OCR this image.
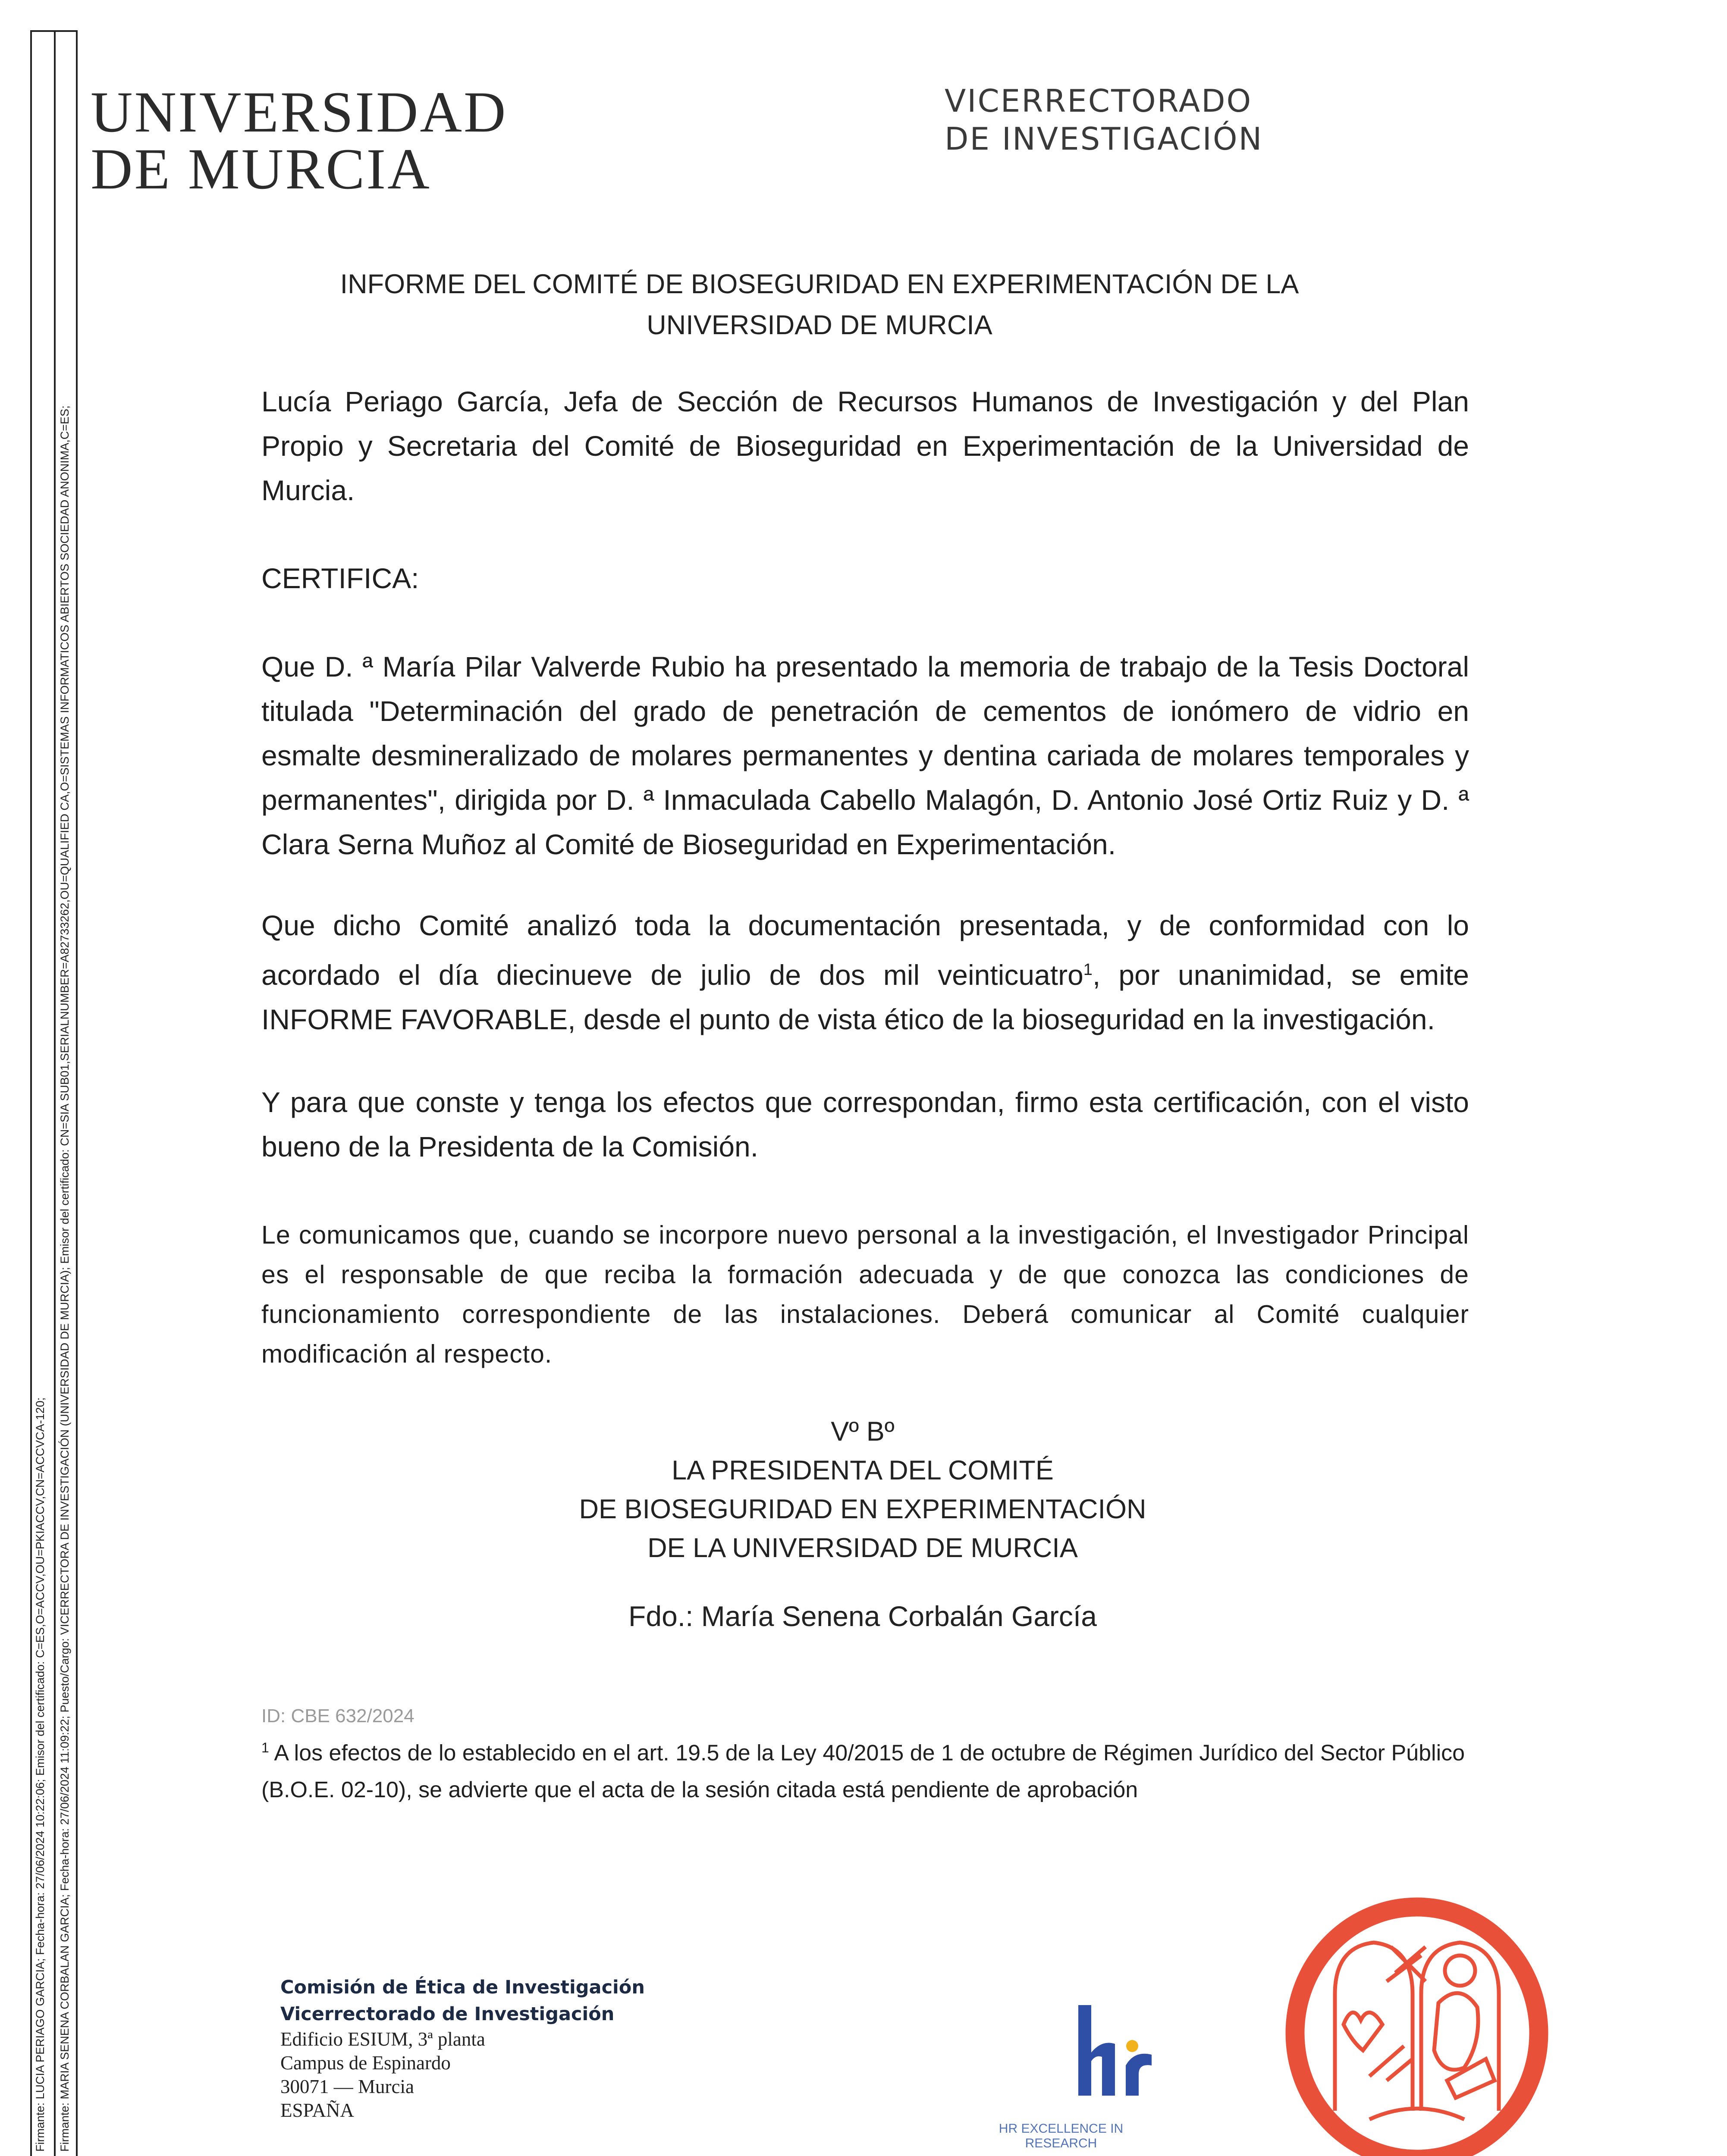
Firmante: LUCIA PERIAGO GARCIA; Fecha-hora: 27/06/2024 10:22:06; Emisor del certificado: C=ES,O=ACCV,OU=PKIACCV,CN=ACCVCA-120; Firmante: MARIA SENENA CORBALAN GARCIA; Fecha-hora: 27/06/2024 11:09:22; Puesto/Cargo: VICERRECTORA DE INVESTIGACIÓN (UNIVERSIDAD DE MURCIA); Emisor del certificado: CN=SIA SUB01,SERIALNUMBER=A82733262,OU=QUALIFIED CA,O=SISTEMAS INFORMATICOS ABIERTOS SOCIEDAD ANONIMA,C=ES;
UNIVERSIDAD
DE MURCIA
VICERRECTORADO
DE INVESTIGACIÓN
INFORME DEL COMITÉ DE BIOSEGURIDAD EN EXPERIMENTACIÓN DE LA
UNIVERSIDAD DE MURCIA
Lucía Periago García, Jefa de Sección de Recursos Humanos de Investigación y del Plan Propio y Secretaria del Comité de Bioseguridad en Experimentación de la Universidad de Murcia.
CERTIFICA:
Que D. ª María Pilar Valverde Rubio ha presentado la memoria de trabajo de la Tesis Doctoral titulada "Determinación del grado de penetración de cementos de ionómero de vidrio en esmalte desmineralizado de molares permanentes y dentina cariada de molares temporales y permanentes", dirigida por D. ª Inmaculada Cabello Malagón, D. Antonio José Ortiz Ruiz y D. ª Clara Serna Muñoz al Comité de Bioseguridad en Experimentación.
Que dicho Comité analizó toda la documentación presentada, y de conformidad con lo acordado el día diecinueve de julio de dos mil veinticuatro$^1$, por unanimidad, se emite INFORME FAVORABLE, desde el punto de vista ético de la bioseguridad en la investigación.
Y para que conste y tenga los efectos que correspondan, firmo esta certificación, con el visto bueno de la Presidenta de la Comisión.
Le comunicamos que, cuando se incorpore nuevo personal a la investigación, el Investigador Principal es el responsable de que reciba la formación adecuada y de que conozca las condiciones de funcionamiento correspondiente de las instalaciones. Deberá comunicar al Comité cualquier modificación al respecto.
Vº Bº
LA PRESIDENTA DEL COMITÉ
DE BIOSEGURIDAD EN EXPERIMENTACIÓN
DE LA UNIVERSIDAD DE MURCIA
Fdo.: María Senena Corbalán García
ID: CBE 632/2024
$^1$ A los efectos de lo establecido en el art. 19.5 de la Ley 40/2015 de 1 de octubre de Régimen Jurídico del Sector Público (B.O.E. 02-10), se advierte que el acta de la sesión citada está pendiente de aprobación
Comisión de Ética de Investigación
Vicerrectorado de Investigación
Edificio ESIUM, 3ª planta
Campus de Espinardo
30071 — Murcia
ESPAÑA
HR EXCELLENCE IN RESEARCH
